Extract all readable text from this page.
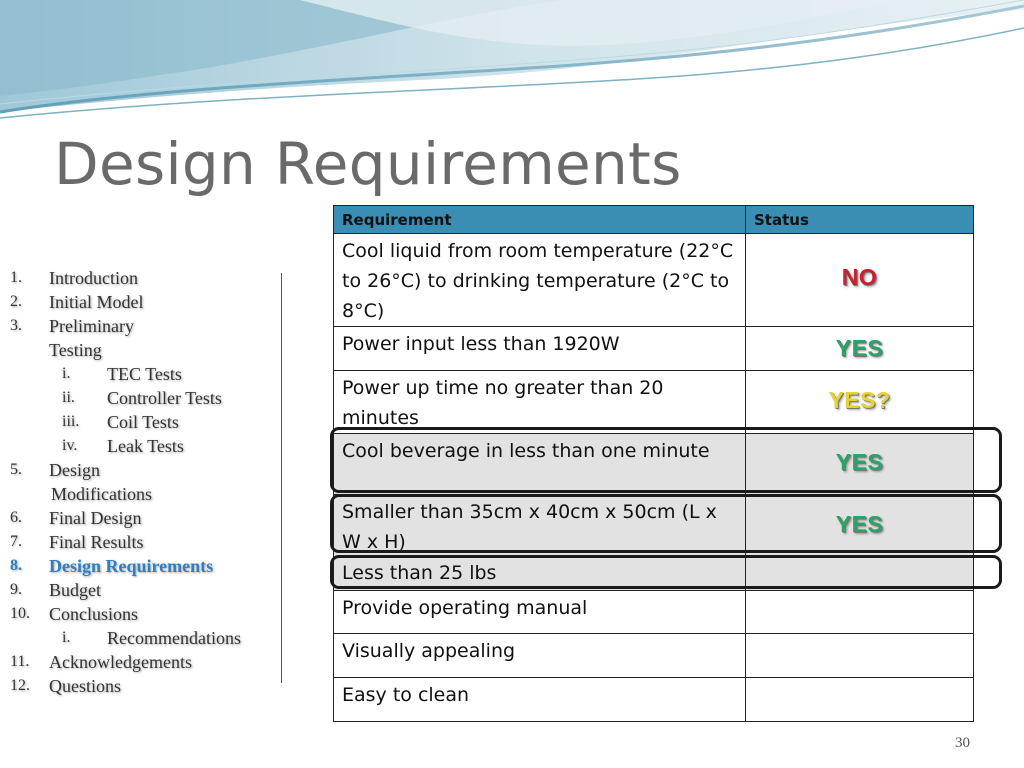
Design Requirements
1. Introduction
2. Initial Model
3. Preliminary
Testing
i. TEC Tests
ii. Controller Tests
iii. Coil Tests
iv. Leak Tests
5. Design
Modifications
6. Final Design
7. Final Results
8. Design Requirements
9. Budget
10. Conclusions
i. Recommendations
11. Acknowledgements
12. Questions
Requirement	Status
Cool liquid from room temperature (22°C to 26°C) to drinking temperature (2°C to 8°C)	NO
Power input less than 1920W	YES
Power up time no greater than 20 minutes	YES?
Cool beverage in less than one minute	YES
Smaller than 35cm x 40cm x 50cm (L x W x H)	YES
Less than 25 lbs	
Provide operating manual	
Visually appealing	
Easy to clean	
30
